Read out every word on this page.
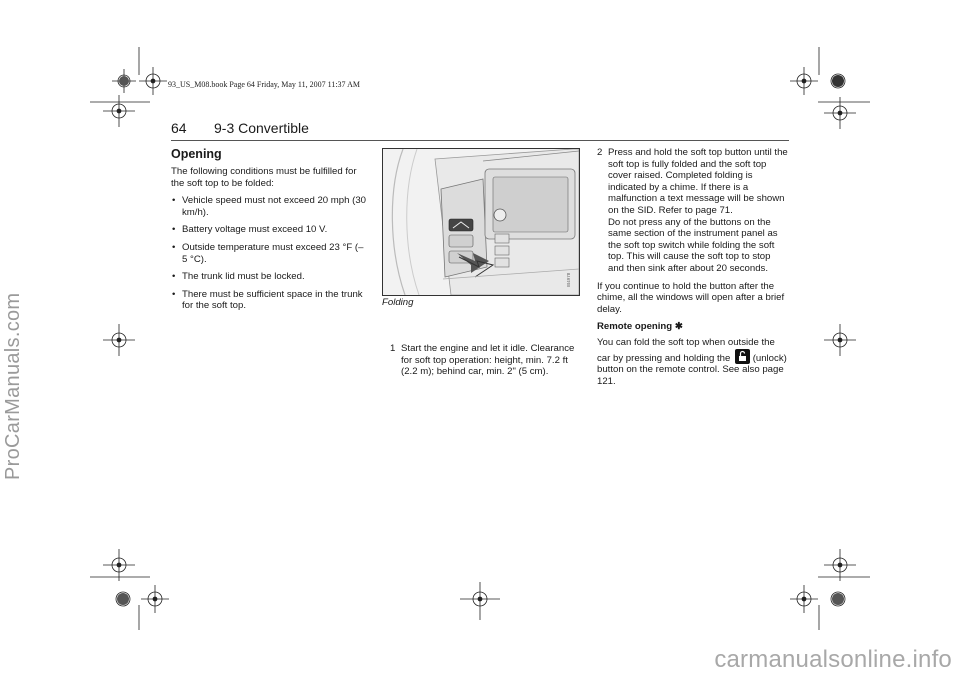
93_US_M08.book Page 64 Friday, May 11, 2007 11:37 AM
ProCarManuals.com
carmanualsonline.info
64 9-3 Convertible
Opening

The following conditions must be fulfilled for the soft top to be folded:

• Vehicle speed must not exceed 20 mph (30 km/h).
• Battery voltage must exceed 10 V.
• Outside temperature must exceed 23 °F (–5 °C).
• The trunk lid must be locked.
• There must be sufficient space in the trunk for the soft top.
IB4978
Folding
1 Start the engine and let it idle. Clearance for soft top operation: height, min. 7.2 ft (2.2 m); behind car, min. 2" (5 cm).
2 Press and hold the soft top button until the soft top is fully folded and the soft top cover raised. Completed folding is indicated by a chime. If there is a malfunction a text message will be shown on the SID. Refer to page 71.
Do not press any of the buttons on the same section of the instrument panel as the soft top switch while folding the soft top. This will cause the soft top to stop and then sink after about 20 seconds.

If you continue to hold the button after the chime, all the windows will open after a brief delay.

Remote opening ✱

You can fold the soft top when outside the car by pressing and holding the (unlock) button on the remote control. See also page 121.
